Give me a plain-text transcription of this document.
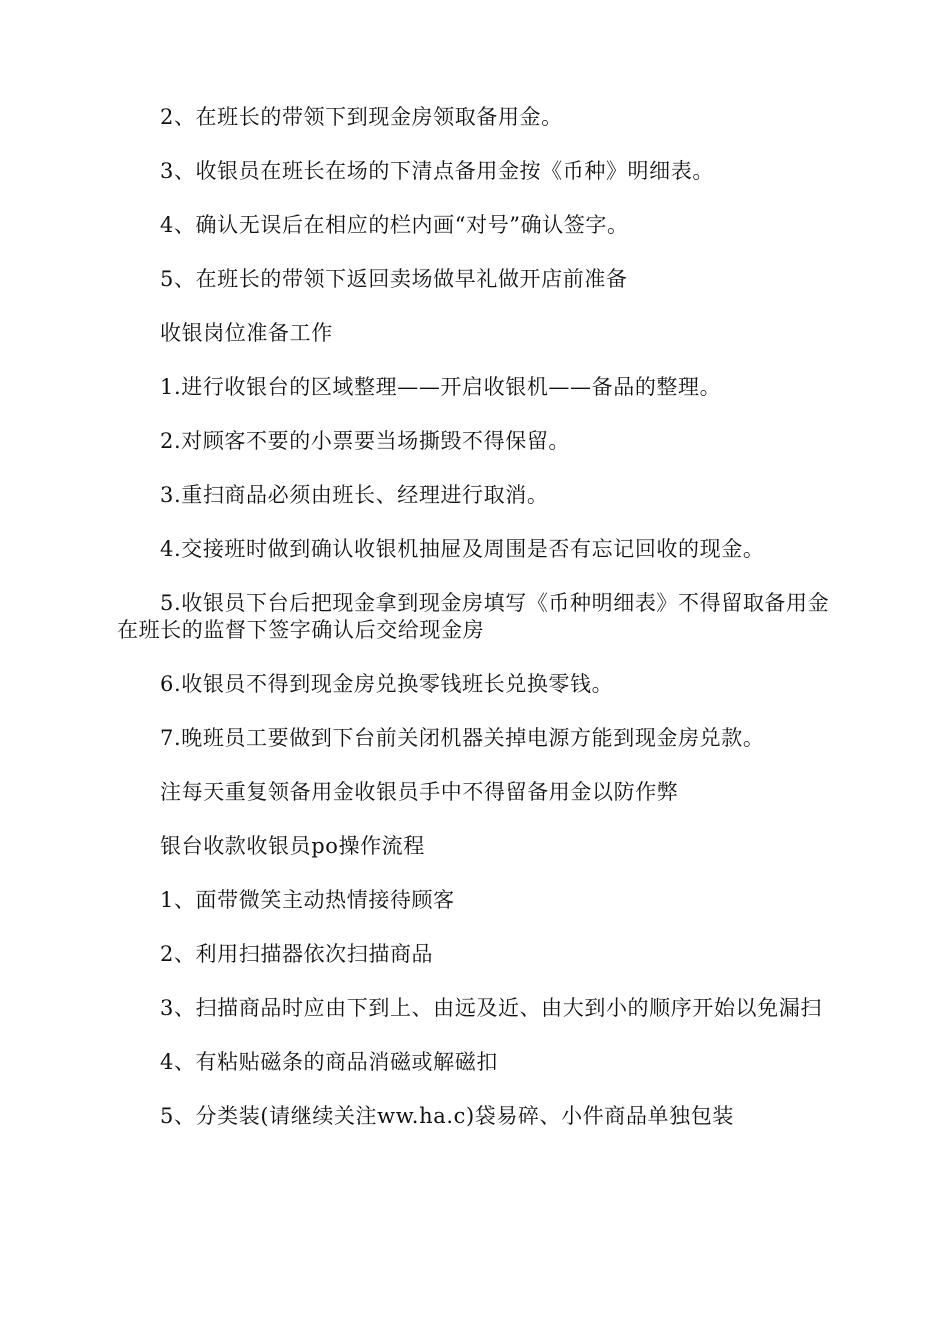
2、在班长的带领下到现金房领取备用金。

3、收银员在班长在场的下清点备用金按《币种》明细表。

4、确认无误后在相应的栏内画“对号”确认签字。

5、在班长的带领下返回卖场做早礼做开店前准备

收银岗位准备工作

1.进行收银台的区域整理——开启收银机——备品的整理。

2.对顾客不要的小票要当场撕毁不得保留。

3.重扫商品必须由班长、经理进行取消。

4.交接班时做到确认收银机抽屉及周围是否有忘记回收的现金。

5.收银员下台后把现金拿到现金房填写《币种明细表》不得留取备用金在班长的监督下签字确认后交给现金房

6.收银员不得到现金房兑换零钱班长兑换零钱。

7.晚班员工要做到下台前关闭机器关掉电源方能到现金房兑款。

注每天重复领备用金收银员手中不得留备用金以防作弊

银台收款收银员po操作流程

1、面带微笑主动热情接待顾客

2、利用扫描器依次扫描商品

3、扫描商品时应由下到上、由远及近、由大到小的顺序开始以免漏扫

4、有粘贴磁条的商品消磁或解磁扣

5、分类装(请继续关注ww.ha.c)袋易碎、小件商品单独包装
